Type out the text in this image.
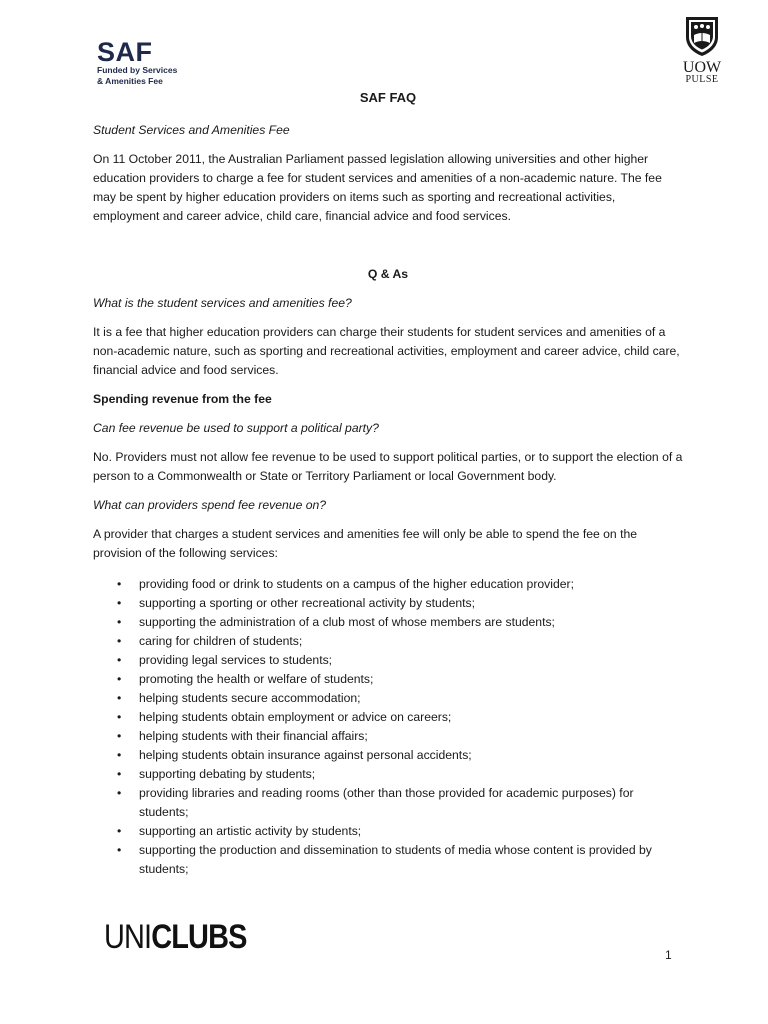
SAF
Funded by Services
& Amenities Fee
UOW
PULSE
SAF FAQ
Student Services and Amenities Fee

On 11 October 2011, the Australian Parliament passed legislation allowing universities and other higher education providers to charge a fee for student services and amenities of a non-academic nature. The fee may be spent by higher education providers on items such as sporting and recreational activities, employment and career advice, child care, financial advice and food services.

Q & As
What is the student services and amenities fee?

It is a fee that higher education providers can charge their students for student services and amenities of a non-academic nature, such as sporting and recreational activities, employment and career advice, child care, financial advice and food services.

Spending revenue from the fee
Can fee revenue be used to support a political party?

No. Providers must not allow fee revenue to be used to support political parties, or to support the election of a person to a Commonwealth or State or Territory Parliament or local Government body.

What can providers spend fee revenue on?

A provider that charges a student services and amenities fee will only be able to spend the fee on the provision of the following services:

• providing food or drink to students on a campus of the higher education provider;
• supporting a sporting or other recreational activity by students;
• supporting the administration of a club most of whose members are students;
• caring for children of students;
• providing legal services to students;
• promoting the health or welfare of students;
• helping students secure accommodation;
• helping students obtain employment or advice on careers;
• helping students with their financial affairs;
• helping students obtain insurance against personal accidents;
• supporting debating by students;
• providing libraries and reading rooms (other than those provided for academic purposes) for students;
• supporting an artistic activity by students;
• supporting the production and dissemination to students of media whose content is provided by students;
UNICLUBS	1
